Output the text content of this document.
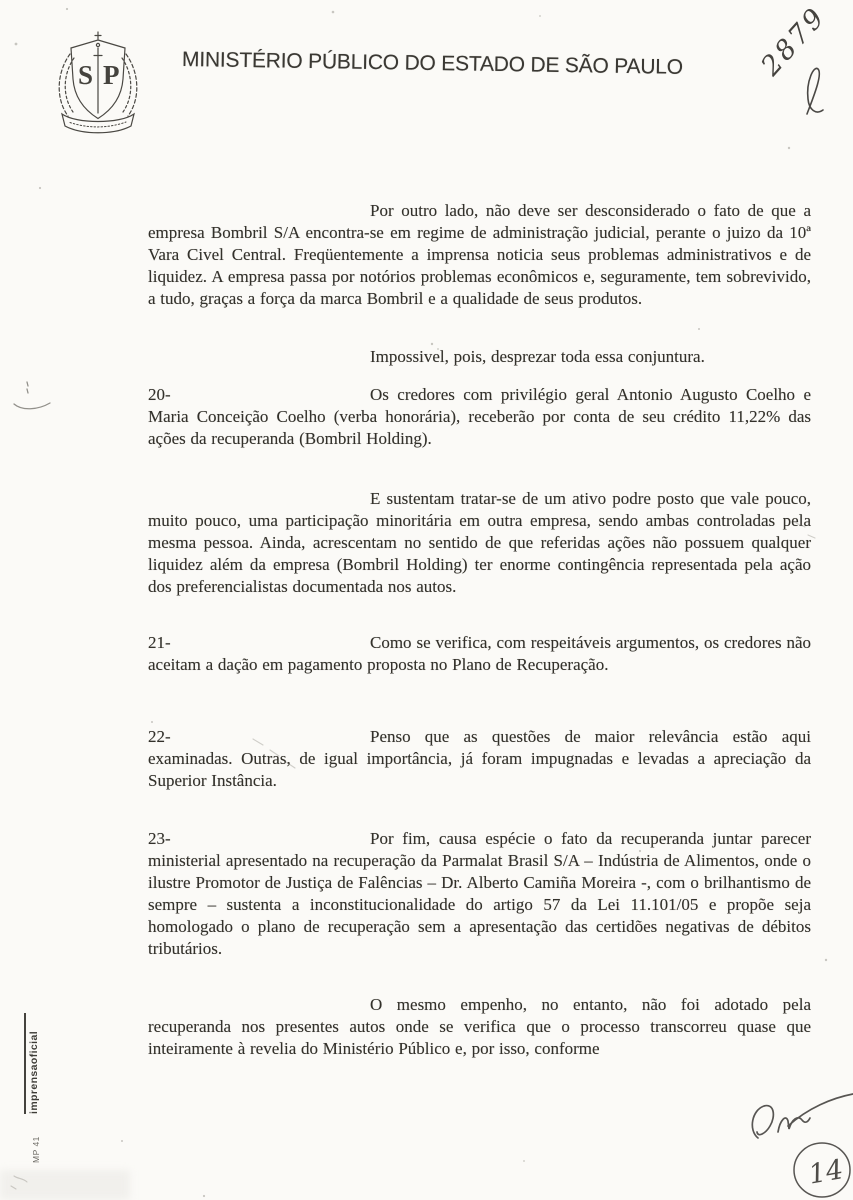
S P	MINISTÉRIO PÚBLICO DO ESTADO DE SÃO PAULO	2879
Por outro lado, não deve ser desconsiderado o fato de que a empresa Bombril S/A encontra-se em regime de administração judicial, perante o juizo da 10ª Vara Civel Central. Freqüentemente a imprensa noticia seus problemas administrativos e de liquidez. A empresa passa por notórios problemas econômicos e, seguramente, tem sobrevivido, a tudo, graças a força da marca Bombril e a qualidade de seus produtos.
Impossivel, pois, desprezar toda essa conjuntura.
20-	Os credores com privilégio geral Antonio Augusto Coelho e Maria Conceição Coelho (verba honorária), receberão por conta de seu crédito 11,22% das ações da recuperanda (Bombril Holding).
E sustentam tratar-se de um ativo podre posto que vale pouco, muito pouco, uma participação minoritária em outra empresa, sendo ambas controladas pela mesma pessoa. Ainda, acrescentam no sentido de que referidas ações não possuem qualquer liquidez além da empresa (Bombril Holding) ter enorme contingência representada pela ação dos preferencialistas documentada nos autos.
21-	Como se verifica, com respeitáveis argumentos, os credores não aceitam a dação em pagamento proposta no Plano de Recuperação.
22-	Penso que as questões de maior relevância estão aqui examinadas. Outras, de igual importância, já foram impugnadas e levadas a apreciação da Superior Instância.
23-	Por fim, causa espécie o fato da recuperanda juntar parecer ministerial apresentado na recuperação da Parmalat Brasil S/A – Indústria de Alimentos, onde o ilustre Promotor de Justiça de Falências – Dr. Alberto Camiña Moreira -, com o brilhantismo de sempre – sustenta a inconstitucionalidade do artigo 57 da Lei 11.101/05 e propõe seja homologado o plano de recuperação sem a apresentação das certidões negativas de débitos tributários.
O mesmo empenho, no entanto, não foi adotado pela recuperanda nos presentes autos onde se verifica que o processo transcorreu quase que inteiramente à revelia do Ministério Público e, por isso, conforme
imprensaoficial
MP 41
14
